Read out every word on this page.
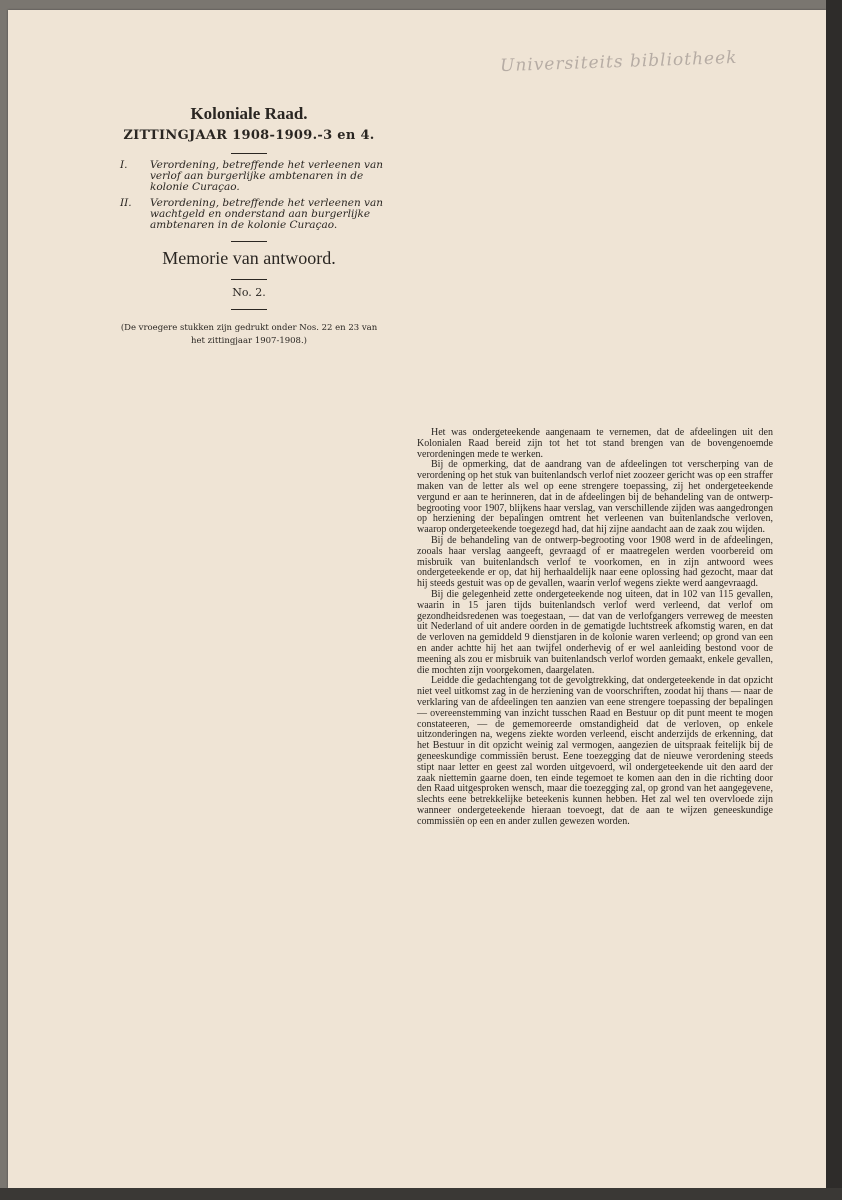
Universiteits bibliotheek

Koloniale Raad.

ZITTINGJAAR 1908-1909.-3 en 4.

I.	Verordening, betreffende het verleenen van verlof aan burgerlijke ambtenaren in de kolonie Curaçao.
II.	Verordening, betreffende het verleenen van wachtgeld en onderstand aan burgerlijke ambtenaren in de kolonie Curaçao.

Memorie van antwoord.

No. 2.

(De vroegere stukken zijn gedrukt onder Nos. 22 en 23 van het zittingjaar 1907-1908.)

Het was ondergeteekende aangenaam te vernemen, dat de afdeelingen uit den Kolonialen Raad bereid zijn tot het tot stand brengen van de bovengenoemde verordeningen mede te werken.

Bij de opmerking, dat de aandrang van de afdeelingen tot verscherping van de verordening op het stuk van buitenlandsch verlof niet zoozeer gericht was op een straffer maken van de letter als wel op eene strengere toepassing, zij het ondergeteekende vergund er aan te herinneren, dat in de afdeelingen bij de behandeling van de ontwerp-begrooting voor 1907, blijkens haar verslag, van verschillende zijden was aangedrongen op herziening der bepalingen omtrent het verleenen van buitenlandsche verloven, waarop ondergeteekende toegezegd had, dat hij zijne aandacht aan de zaak zou wijden.

Bij de behandeling van de ontwerp-begrooting voor 1908 werd in de afdeelingen, zooals haar verslag aangeeft, gevraagd of er maatregelen werden voorbereid om misbruik van buitenlandsch verlof te voorkomen, en in zijn antwoord wees ondergeteekende er op, dat hij herhaaldelijk naar eene oplossing had gezocht, maar dat hij steeds gestuit was op de gevallen, waarin verlof wegens ziekte werd aangevraagd.

Bij die gelegenheid zette ondergeteekende nog uiteen, dat in 102 van 115 gevallen, waarin in 15 jaren tijds buitenlandsch verlof werd verleend, dat verlof om gezondheidsredenen was toegestaan, — dat van de verlofgangers verreweg de meesten uit Nederland of uit andere oorden in de gematigde luchtstreek afkomstig waren, en dat de verloven na gemiddeld 9 dienstjaren in de kolonie waren verleend; op grond van een en ander achtte hij het aan twijfel onderhevig of er wel aanleiding bestond voor de meening als zou er misbruik van buitenlandsch verlof worden gemaakt, enkele gevallen, die mochten zijn voorgekomen, daargelaten.

Leidde die gedachtengang tot de gevolgtrekking, dat ondergeteekende in dat opzicht niet veel uitkomst zag in de herziening van de voorschriften, zoodat hij thans — naar de verklaring van de afdeelingen ten aanzien van eene strengere toepassing der bepalingen — overeenstemming van inzicht tusschen Raad en Bestuur op dit punt meent te mogen constateeren, — de gememoreerde omstandigheid dat de verloven, op enkele uitzonderingen na, wegens ziekte worden verleend, eischt anderzijds de erkenning, dat het Bestuur in dit opzicht weinig zal vermogen, aangezien de uitspraak feitelijk bij de geneeskundige commissiën berust. Eene toezegging dat de nieuwe verordening steeds stipt naar letter en geest zal worden uitgevoerd, wil ondergeteekende uit den aard der zaak niettemin gaarne doen, ten einde tegemoet te komen aan den in die richting door den Raad uitgesproken wensch, maar die toezegging zal, op grond van het aangegevene, slechts eene betrekkelijke beteekenis kunnen hebben. Het zal wel ten overvloede zijn wanneer ondergeteekende hieraan toevoegt, dat de aan te wijzen geneeskundige commissiën op een en ander zullen gewezen worden.
